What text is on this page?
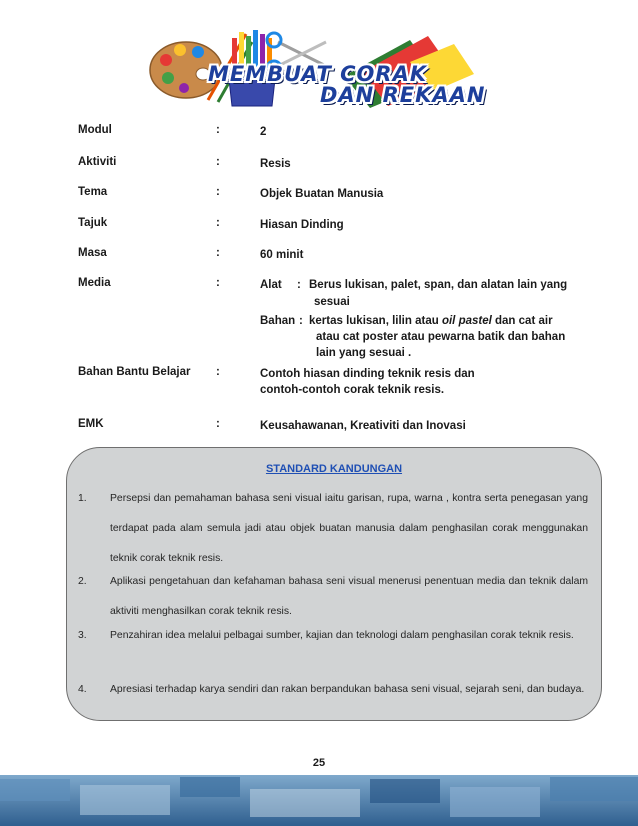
MEMBUAT CORAK
DAN REKAAN
Modul	:	2
Aktiviti	:	Resis
Tema	:	Objek Buatan Manusia
Tajuk	:	Hiasan Dinding
Masa	:	60 minit
Media	:	Alat : Berus lukisan, palet, span, dan alatan lain yang
sesuai
Bahan : kertas lukisan, lilin atau oil pastel dan cat air
atau cat poster atau pewarna batik dan bahan
lain yang sesuai .
Bahan Bantu Belajar :	Contoh hiasan dinding teknik resis dan
contoh-contoh corak teknik resis.
EMK	:	Keusahawanan, Kreativiti dan Inovasi
STANDARD KANDUNGAN
1. Persepsi dan pemahaman bahasa seni visual iaitu garisan, rupa, warna , kontra serta penegasan yang terdapat pada alam semula jadi atau objek buatan manusia dalam penghasilan corak menggunakan teknik corak teknik resis.
2. Aplikasi pengetahuan dan kefahaman bahasa seni visual menerusi penentuan media dan teknik dalam aktiviti menghasilkan corak teknik resis.
3. Penzahiran idea melalui pelbagai sumber, kajian dan teknologi dalam penghasilan corak teknik resis.
4. Apresiasi terhadap karya sendiri dan rakan berpandukan bahasa seni visual, sejarah seni, dan budaya.
25
